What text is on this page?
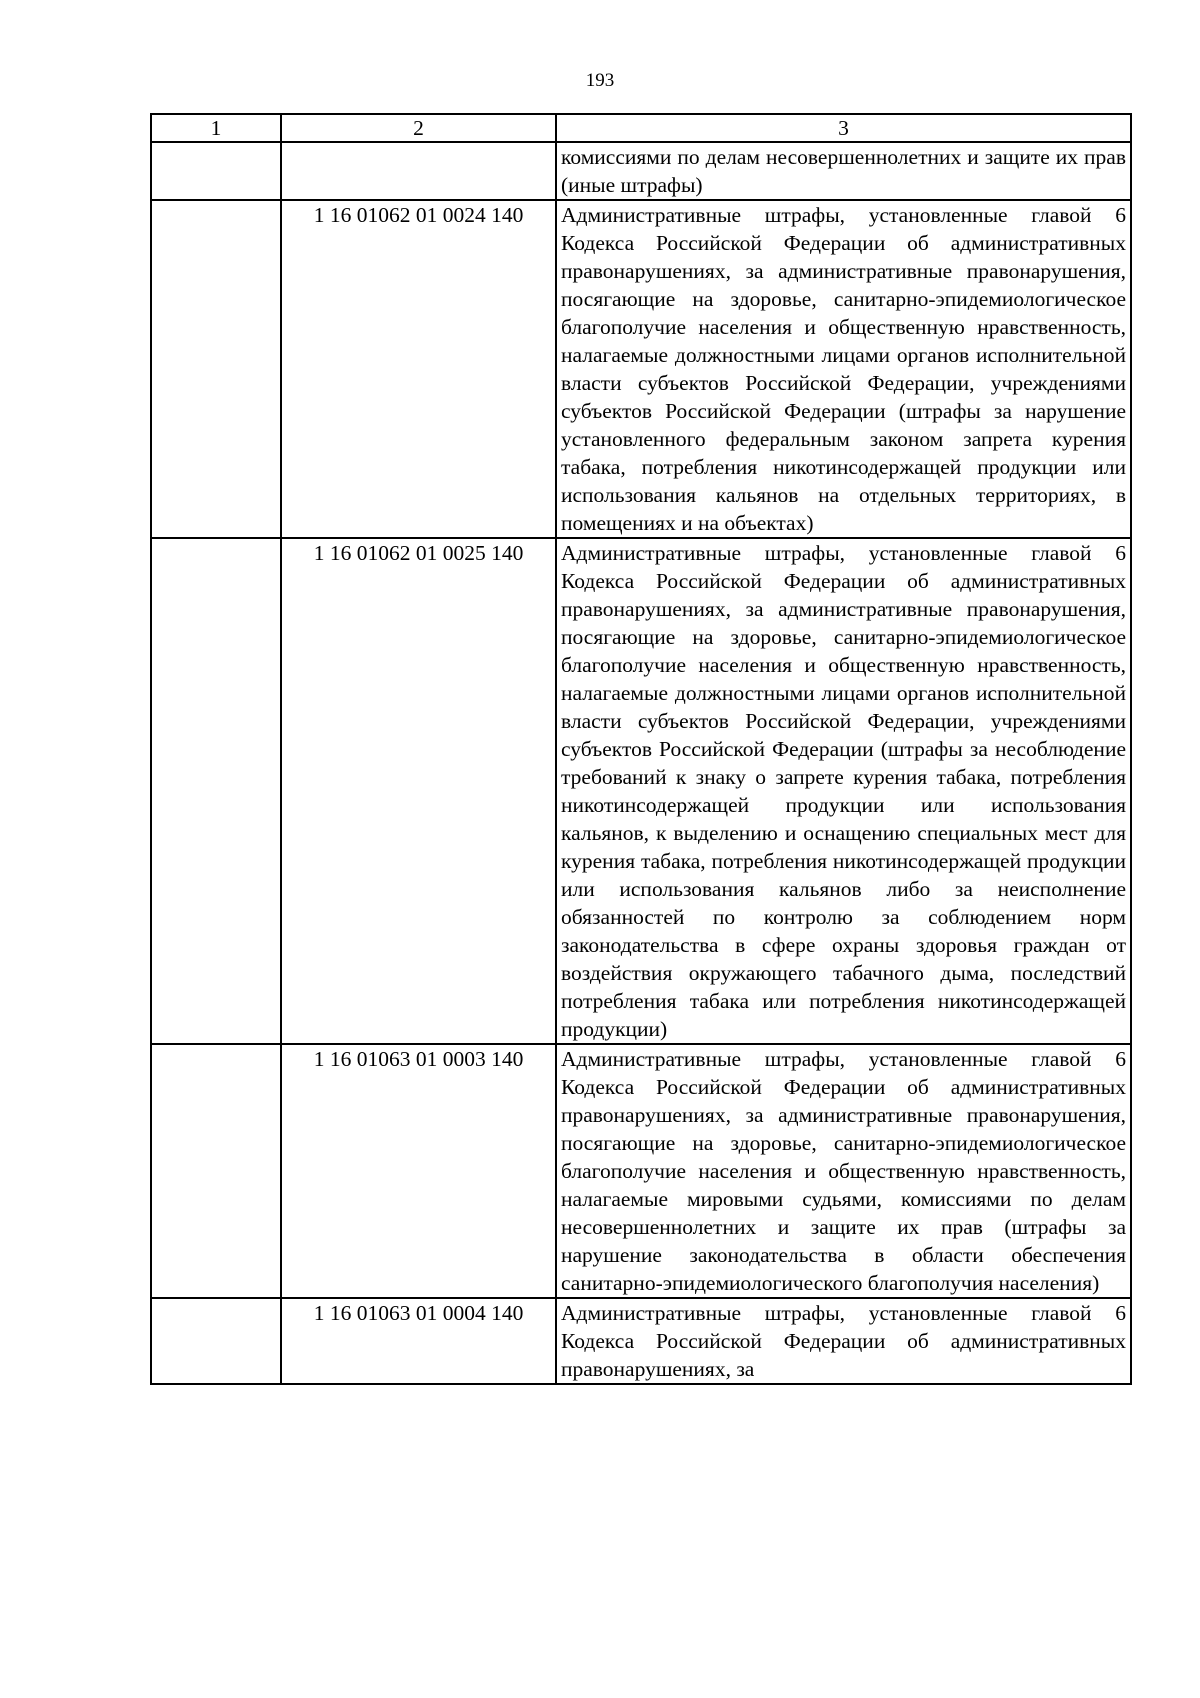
193
1	2	3
		комиссиями по делам несовершеннолетних и защите их прав (иные штрафы)
	1 16 01062 01 0024 140	Административные штрафы, установленные главой 6 Кодекса Российской Федерации об административных правонарушениях, за административные правонарушения, посягающие на здоровье, санитарно-эпидемиологическое благополучие населения и общественную нравственность, налагаемые должностными лицами органов исполнительной власти субъектов Российской Федерации, учреждениями субъектов Российской Федерации (штрафы за нарушение установленного федеральным законом запрета курения табака, потребления никотинсодержащей продукции или использования кальянов на отдельных территориях, в помещениях и на объектах)
	1 16 01062 01 0025 140	Административные штрафы, установленные главой 6 Кодекса Российской Федерации об административных правонарушениях, за административные правонарушения, посягающие на здоровье, санитарно-эпидемиологическое благополучие населения и общественную нравственность, налагаемые должностными лицами органов исполнительной власти субъектов Российской Федерации, учреждениями субъектов Российской Федерации (штрафы за несоблюдение требований к знаку о запрете курения табака, потребления никотинсодержащей продукции или использования кальянов, к выделению и оснащению специальных мест для курения табака, потребления никотинсодержащей продукции или использования кальянов либо за неисполнение обязанностей по контролю за соблюдением норм законодательства в сфере охраны здоровья граждан от воздействия окружающего табачного дыма, последствий потребления табака или потребления никотинсодержащей продукции)
	1 16 01063 01 0003 140	Административные штрафы, установленные главой 6 Кодекса Российской Федерации об административных правонарушениях, за административные правонарушения, посягающие на здоровье, санитарно-эпидемиологическое благополучие населения и общественную нравственность, налагаемые мировыми судьями, комиссиями по делам несовершеннолетних и защите их прав (штрафы за нарушение законодательства в области обеспечения санитарно-эпидемиологического благополучия населения)
	1 16 01063 01 0004 140	Административные штрафы, установленные главой 6 Кодекса Российской Федерации об административных правонарушениях, за
